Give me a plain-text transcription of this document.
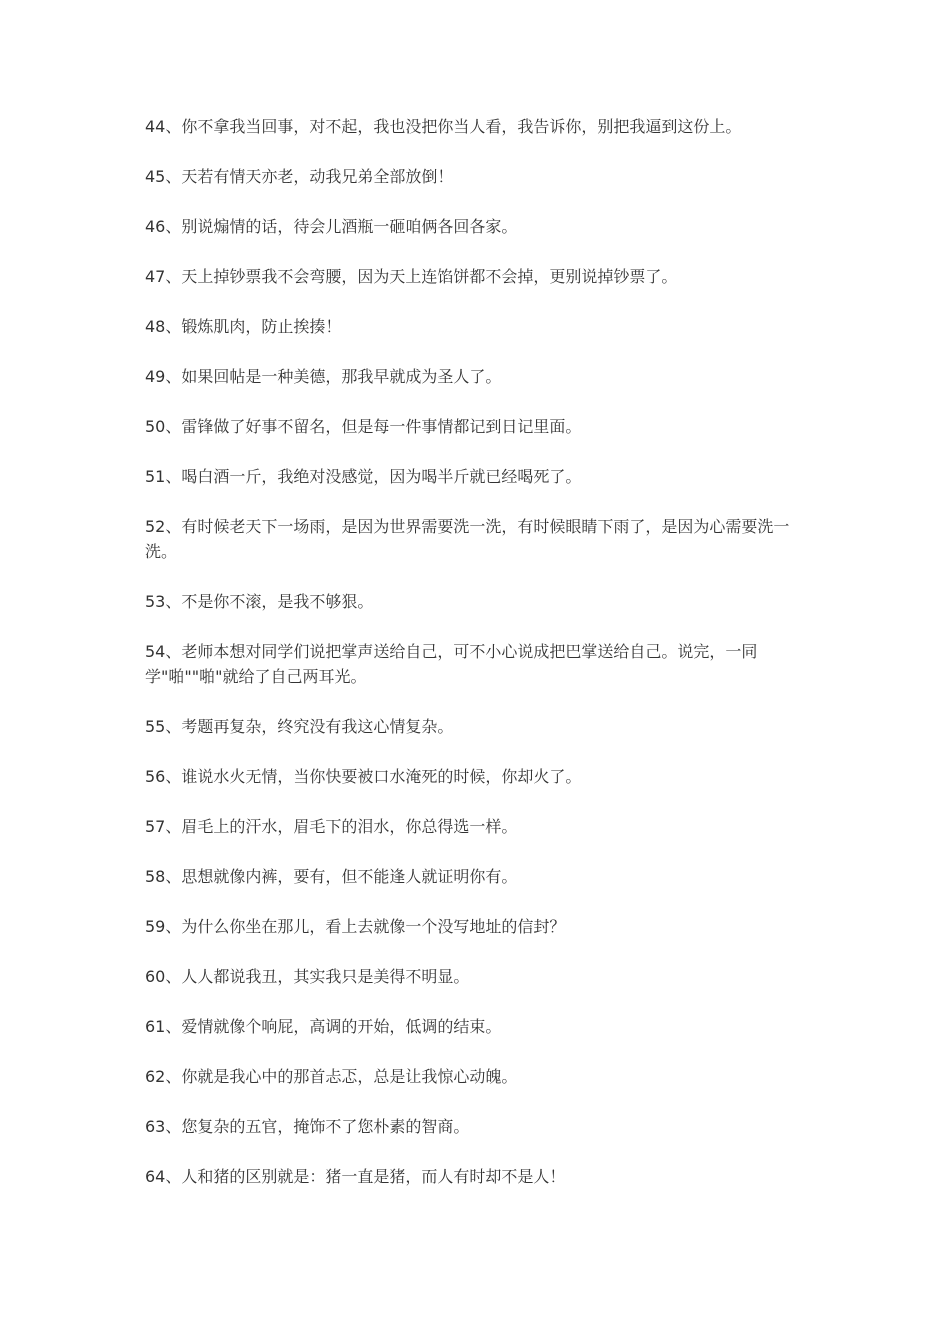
44、你不拿我当回事，对不起，我也没把你当人看，我告诉你，别把我逼到这份上。

45、天若有情天亦老，动我兄弟全部放倒！

46、别说煽情的话，待会儿酒瓶一砸咱俩各回各家。

47、天上掉钞票我不会弯腰，因为天上连馅饼都不会掉，更别说掉钞票了。

48、锻炼肌肉，防止挨揍！

49、如果回帖是一种美德，那我早就成为圣人了。

50、雷锋做了好事不留名，但是每一件事情都记到日记里面。

51、喝白酒一斤，我绝对没感觉，因为喝半斤就已经喝死了。

52、有时候老天下一场雨，是因为世界需要洗一洗，有时候眼睛下雨了，是因为心需要洗一洗。

53、不是你不滚，是我不够狠。

54、老师本想对同学们说把掌声送给自己，可不小心说成把巴掌送给自己。说完，一同学"啪""啪"就给了自己两耳光。

55、考题再复杂，终究没有我这心情复杂。

56、谁说水火无情，当你快要被口水淹死的时候，你却火了。

57、眉毛上的汗水，眉毛下的泪水，你总得选一样。

58、思想就像内裤，要有，但不能逢人就证明你有。

59、为什么你坐在那儿，看上去就像一个没写地址的信封？

60、人人都说我丑，其实我只是美得不明显。

61、爱情就像个响屁，高调的开始，低调的结束。

62、你就是我心中的那首忐忑，总是让我惊心动魄。

63、您复杂的五官，掩饰不了您朴素的智商。

64、人和猪的区别就是：猪一直是猪，而人有时却不是人！
